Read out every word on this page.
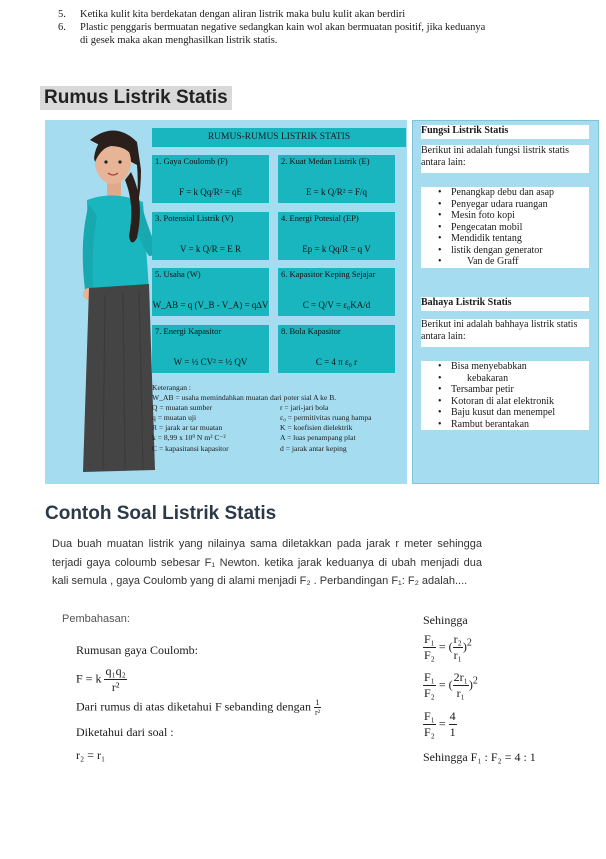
5.	Ketika kulit kita berdekatan dengan aliran listrik maka bulu kulit akan berdiri
6.	Plastic penggaris bermuatan negative sedangkan kain wol akan bermuatan positif, jika keduanya
di gesek maka akan menghasilkan listrik statis.
Rumus Listrik Statis
RUMUS-RUMUS LISTRIK STATIS
1. Gaya Coulomb (F)
F = k Qq/R² = qE
2. Kuat Medan Listrik (E)
E = k Q/R² = F/q
3. Potensial Listrik (V)
V = k Q/R = E R
4. Energi Potesial (EP)
Ep = k Qq/R = q V
5. Usaha (W)
W_AB = q (V_B - V_A) = q∆V
6. Kapasitor Keping Sejajar
C = Q/V = ε₀KA/d
7. Energi Kapasitor
W = ½ CV² = ½ QV
8. Bola Kapasitor
C = 4 π ε₀ r
Keterangan :
W_AB = usaha memindahkan muatan dari poter sial A ke B.
Q = muatan sumber	r = jari-jari bola
q = muatan uji	ε₀ = permitivitas ruang hampa
R = jarak ar tar muatan	K = koefisien dielektrik
k = 8,99 x 10⁹ N m² C⁻²	A = luas penampang plat
C = kapasitansi kapasitor	d = jarak antar keping
Fungsi Listrik Statis
Berikut ini adalah fungsi listrik statis antara lain:
• Penangkap debu dan asap
• Penyegar udara ruangan
• Mesin foto kopi
• Pengecatan mobil
• Mendidik tentang
• listik dengan generator
• Van de Graff
Bahaya Listrik Statis
Berikut ini adalah bahhaya listrik statis antara lain:
• Bisa menyebabkan
• kebakaran
• Tersambar petir
• Kotoran di alat elektronik
• Baju kusut dan menempel
• Rambut berantakan
Contoh Soal Listrik Statis
Dua buah muatan listrik yang nilainya sama diletakkan pada jarak r meter sehingga terjadi gaya coloumb sebesar F₁ Newton. ketika jarak keduanya di ubah menjadi dua kali semula , gaya Coulomb yang di alami menjadi F₂ . Perbandingan F₁: F₂ adalah....
Pembahasan:
Rumusan gaya Coulomb:
F = k $\frac{\text{q₁q₂}}{\text{r²}}$
Dari rumus di atas diketahui F sebanding dengan $\frac{1}{\text{r²}}$
Diketahui dari soal :
r₂ = r₁
Sehingga
$\frac{\text{F₁}}{\text{F₂}}$ = ( $\frac{\text{r₂}}{\text{r₁}} )^2$
$\frac{\text{F₁}}{\text{F₂}}$ = ( $\frac{\text{2r₁}}{\text{r₁}} )^2$
$\frac{\text{F₁}}{\text{F₂}} = \frac{4}{1}$
Sehingga F₁ : F₂ = 4 : 1
